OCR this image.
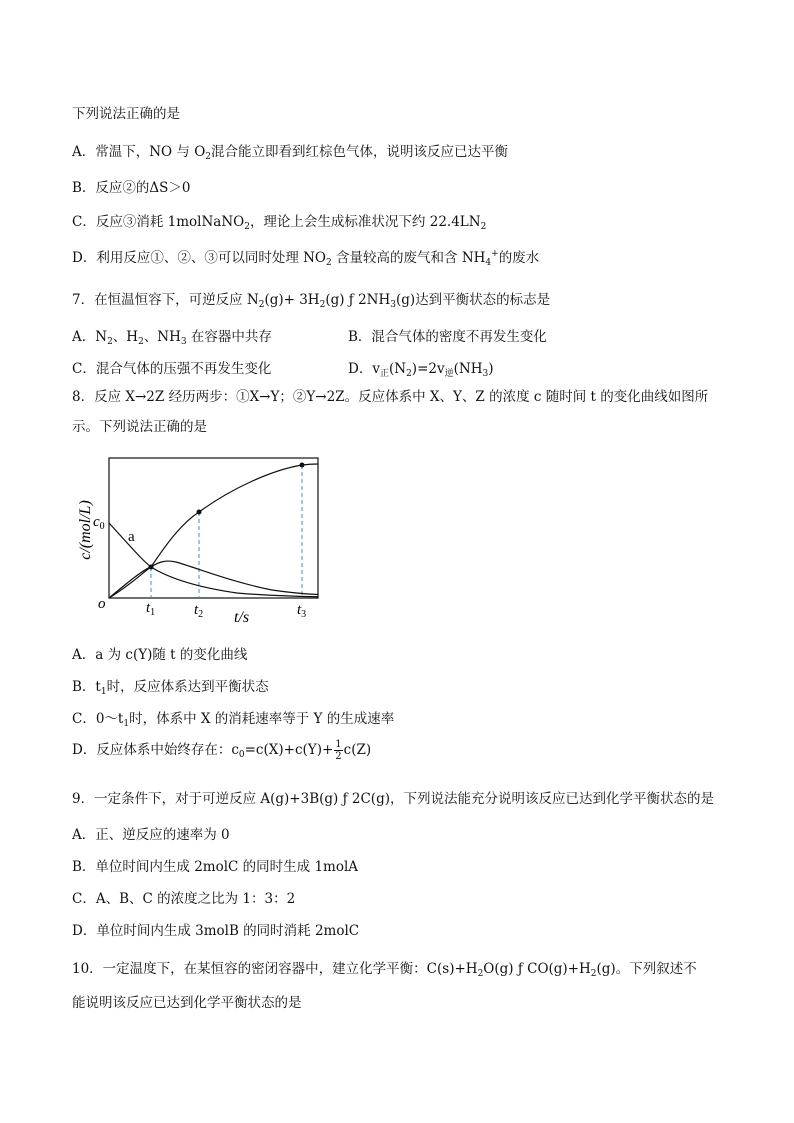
下列说法正确的是
A．常温下，NO 与 $O_2$混合能立即看到红棕色气体，说明该反应已达平衡
B．反应②的ΔS＞0
C．反应③消耗 1molNaNO$_2$，理论上会生成标准状况下约 $22.4LN_2$
D．利用反应①、②、③可以同时处理 $NO_2$ 含量较高的废气和含 $NH_4^+$的废水
7．在恒温恒容下，可逆反应 $N_2(g)+ 3H_2(g)$ ƒ $2NH_3(g)$达到平衡状态的标志是
A．$N_2$、$H_2$、$NH_3$ 在容器中共存	B．混合气体的密度不再发生变化
C．混合气体的压强不再发生变化	D．$v_正(N_2)=2v_逆(NH_3)$
8．反应 X→2Z 经历两步：①X→Y；②Y→2Z。反应体系中 X、Y、Z 的浓度 c 随时间 t 的变化曲线如图所示。下列说法正确的是
c/(mol/L) $c_0$
a
o	$t_1$	$t_2$ t/s	$t_3$
A．a 为 c(Y)随 t 的变化曲线
B．$t_1$时，反应体系达到平衡状态
C．$0\sim t_1$时，体系中 X 的消耗速率等于 Y 的生成速率
D．反应体系中始终存在：$c_0=c(X)+c(Y)+ \frac{1}{2} c(Z)$
9．一定条件下，对于可逆反应 A(g)+3B(g) ƒ 2C(g)，下列说法能充分说明该反应已达到化学平衡状态的是
A．正、逆反应的速率为 0
B．单位时间内生成 2molC 的同时生成 1molA
C．A、B、C 的浓度之比为 1：3：2
D．单位时间内生成 3molB 的同时消耗 2molC
10．一定温度下，在某恒容的密闭容器中，建立化学平衡：$C(s)+H_2O(g)$ ƒ $CO(g)+H_2(g)$。下列叙述不
能说明该反应已达到化学平衡状态的是
